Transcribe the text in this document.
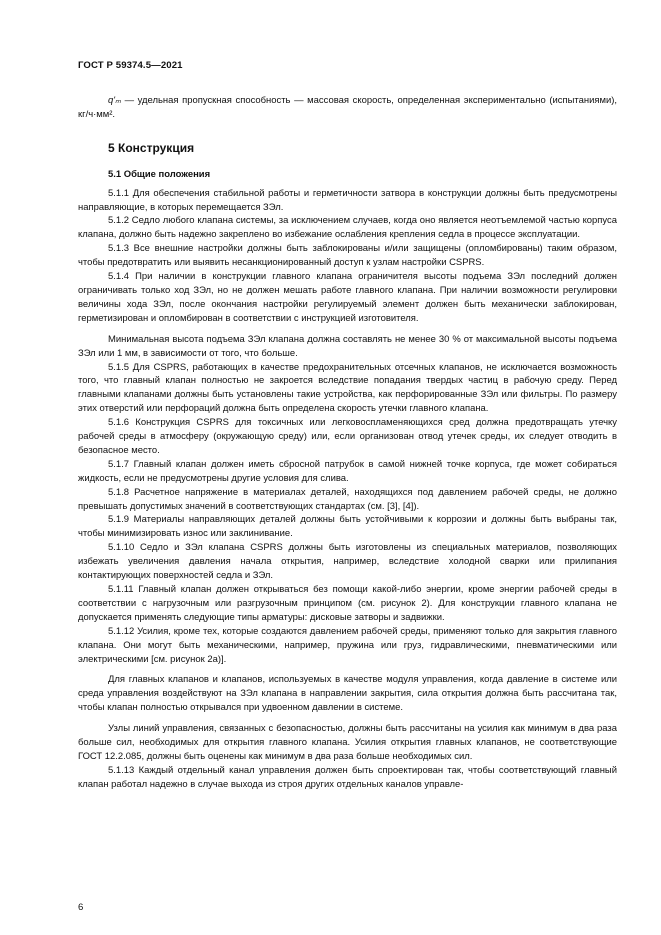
ГОСТ Р 59374.5—2021

q'ₘ — удельная пропускная способность — массовая скорость, определенная экспериментально (испытаниями), кг/ч·мм².

5 Конструкция

5.1 Общие положения

5.1.1 Для обеспечения стабильной работы и герметичности затвора в конструкции должны быть предусмотрены направляющие, в которых перемещается ЗЭл.

5.1.2 Седло любого клапана системы, за исключением случаев, когда оно является неотъемлемой частью корпуса клапана, должно быть надежно закреплено во избежание ослабления крепления седла в процессе эксплуатации.

5.1.3 Все внешние настройки должны быть заблокированы и/или защищены (опломбированы) таким образом, чтобы предотвратить или выявить несанкционированный доступ к узлам настройки CSPRS.

5.1.4 При наличии в конструкции главного клапана ограничителя высоты подъема ЗЭл последний должен ограничивать только ход ЗЭл, но не должен мешать работе главного клапана. При наличии возможности регулировки величины хода ЗЭл, после окончания настройки регулируемый элемент должен быть механически заблокирован, герметизирован и опломбирован в соответствии с инструкцией изготовителя.

Минимальная высота подъема ЗЭл клапана должна составлять не менее 30 % от максимальной высоты подъема ЗЭл или 1 мм, в зависимости от того, что больше.

5.1.5 Для CSPRS, работающих в качестве предохранительных отсечных клапанов, не исключается возможность того, что главный клапан полностью не закроется вследствие попадания твердых частиц в рабочую среду. Перед главными клапанами должны быть установлены такие устройства, как перфорированные ЗЭл или фильтры. По размеру этих отверстий или перфораций должна быть определена скорость утечки главного клапана.

5.1.6 Конструкция CSPRS для токсичных или легковоспламеняющихся сред должна предотвращать утечку рабочей среды в атмосферу (окружающую среду) или, если организован отвод утечек среды, их следует отводить в безопасное место.

5.1.7 Главный клапан должен иметь сбросной патрубок в самой нижней точке корпуса, где может собираться жидкость, если не предусмотрены другие условия для слива.

5.1.8 Расчетное напряжение в материалах деталей, находящихся под давлением рабочей среды, не должно превышать допустимых значений в соответствующих стандартах (см. [3], [4]).

5.1.9 Материалы направляющих деталей должны быть устойчивыми к коррозии и должны быть выбраны так, чтобы минимизировать износ или заклинивание.

5.1.10 Седло и ЗЭл клапана CSPRS должны быть изготовлены из специальных материалов, позволяющих избежать увеличения давления начала открытия, например, вследствие холодной сварки или прилипания контактирующих поверхностей седла и ЗЭл.

5.1.11 Главный клапан должен открываться без помощи какой-либо энергии, кроме энергии рабочей среды в соответствии с нагрузочным или разгрузочным принципом (см. рисунок 2). Для конструкции главного клапана не допускается применять следующие типы арматуры: дисковые затворы и задвижки.

5.1.12 Усилия, кроме тех, которые создаются давлением рабочей среды, применяют только для закрытия главного клапана. Они могут быть механическими, например, пружина или груз, гидравлическими, пневматическими или электрическими [см. рисунок 2а)].

Для главных клапанов и клапанов, используемых в качестве модуля управления, когда давление в системе или среда управления воздействуют на ЗЭл клапана в направлении закрытия, сила открытия должна быть рассчитана так, чтобы клапан полностью открывался при удвоенном давлении в системе.

Узлы линий управления, связанных с безопасностью, должны быть рассчитаны на усилия как минимум в два раза больше сил, необходимых для открытия главного клапана. Усилия открытия главных клапанов, не соответствующие ГОСТ 12.2.085, должны быть оценены как минимум в два раза больше необходимых сил.

5.1.13 Каждый отдельный канал управления должен быть спроектирован так, чтобы соответствующий главный клапан работал надежно в случае выхода из строя других отдельных каналов управле-

6
